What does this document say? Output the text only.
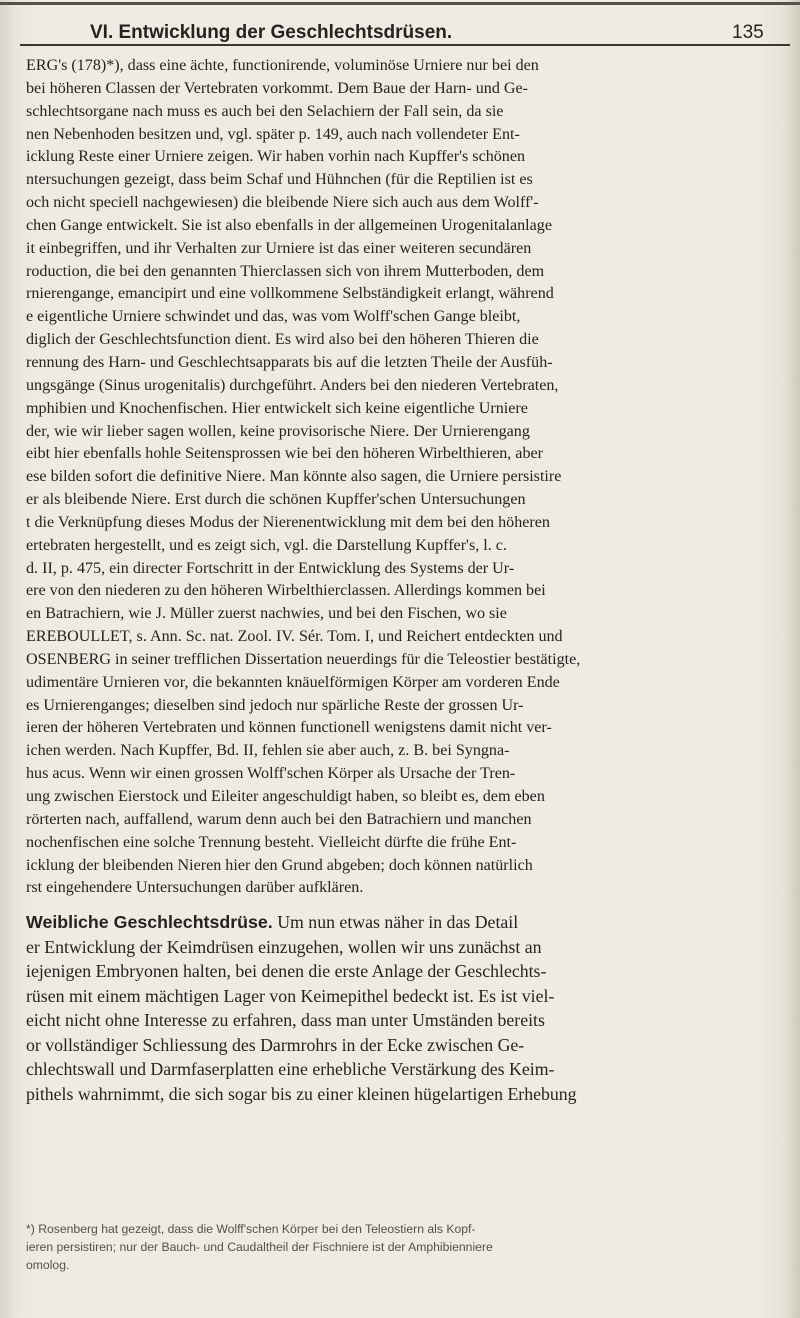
VI. Entwicklung der Geschlechtsdrüsen.	135

ERG's (178)*), dass eine ächte, functionirende, voluminöse Urniere nur bei den
bei höheren Classen der Vertebraten vorkommt. Dem Baue der Harn- und Ge-
schlechtsorgane nach muss es auch bei den Selachiern der Fall sein, da sie
nen Nebenhoden besitzen und, vgl. später p. 149, auch nach vollendeter Ent-
icklung Reste einer Urniere zeigen. Wir haben vorhin nach Kupffer's schönen
ntersuchungen gezeigt, dass beim Schaf und Hühnchen (für die Reptilien ist es
och nicht speciell nachgewiesen) die bleibende Niere sich auch aus dem Wolff'-
chen Gange entwickelt. Sie ist also ebenfalls in der allgemeinen Urogenitalanlage
it einbegriffen, und ihr Verhalten zur Urniere ist das einer weiteren secundären
roduction, die bei den genannten Thierclassen sich von ihrem Mutterboden, dem
rnierengange, emancipirt und eine vollkommene Selbständigkeit erlangt, während
e eigentliche Urniere schwindet und das, was vom Wolff'schen Gange bleibt,
diglich der Geschlechtsfunction dient. Es wird also bei den höheren Thieren die
rennung des Harn- und Geschlechtsapparats bis auf die letzten Theile der Ausfüh-
ungsgänge (Sinus urogenitalis) durchgeführt. Anders bei den niederen Vertebraten,
mphibien und Knochenfischen. Hier entwickelt sich keine eigentliche Urniere
der, wie wir lieber sagen wollen, keine provisorische Niere. Der Urnierengang
eibt hier ebenfalls hohle Seitensprossen wie bei den höheren Wirbelthieren, aber
ese bilden sofort die definitive Niere. Man könnte also sagen, die Urniere persistire
er als bleibende Niere. Erst durch die schönen Kupffer'schen Untersuchungen
t die Verknüpfung dieses Modus der Nierenentwicklung mit dem bei den höheren
ertebraten hergestellt, und es zeigt sich, vgl. die Darstellung Kupffer's, l. c.
d. II, p. 475, ein directer Fortschritt in der Entwicklung des Systems der Ur-
ere von den niederen zu den höheren Wirbelthierclassen. Allerdings kommen bei
en Batrachiern, wie J. Müller zuerst nachwies, und bei den Fischen, wo sie
EREBOULLET, s. Ann. Sc. nat. Zool. IV. Sér. Tom. I, und Reichert entdeckten und
OSENBERG in seiner trefflichen Dissertation neuerdings für die Teleostier bestätigte,
udimentäre Urnieren vor, die bekannten knäuelförmigen Körper am vorderen Ende
es Urnierenganges; dieselben sind jedoch nur spärliche Reste der grossen Ur-
ieren der höheren Vertebraten und können functionell wenigstens damit nicht ver-
ichen werden. Nach Kupffer, Bd. II, fehlen sie aber auch, z. B. bei Syngna-
hus acus. Wenn wir einen grossen Wolff'schen Körper als Ursache der Tren-
ung zwischen Eierstock und Eileiter angeschuldigt haben, so bleibt es, dem eben
rörterten nach, auffallend, warum denn auch bei den Batrachiern und manchen
nochenfischen eine solche Trennung besteht. Vielleicht dürfte die frühe Ent-
icklung der bleibenden Nieren hier den Grund abgeben; doch können natürlich
rst eingehendere Untersuchungen darüber aufklären.

Weibliche Geschlechtsdrüse. Um nun etwas näher in das Detail
er Entwicklung der Keimdrüsen einzugehen, wollen wir uns zunächst an
iejenigen Embryonen halten, bei denen die erste Anlage der Geschlechts-
rüsen mit einem mächtigen Lager von Keimepithel bedeckt ist. Es ist viel-
eicht nicht ohne Interesse zu erfahren, dass man unter Umständen bereits
or vollständiger Schliessung des Darmrohrs in der Ecke zwischen Ge-
chlechtswall und Darmfaserplatten eine erhebliche Verstärkung des Keim-
pithels wahrnimmt, die sich sogar bis zu einer kleinen hügelartigen Erhebung

*) Rosenberg hat gezeigt, dass die Wolff'schen Körper bei den Teleostiern als Kopf-
ieren persistiren; nur der Bauch- und Caudaltheil der Fischniere ist der Amphibienniere
omolog.
